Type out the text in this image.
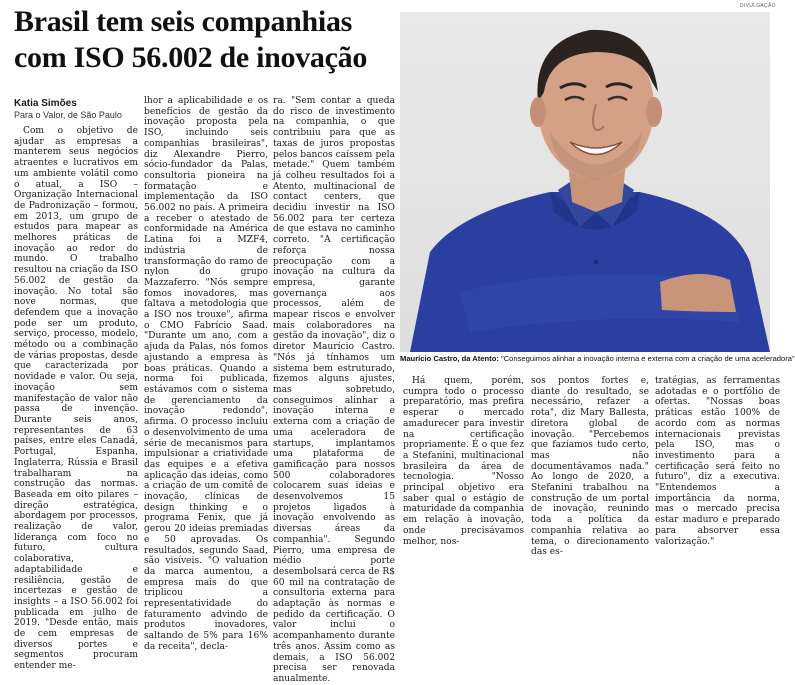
Brasil tem seis companhias com ISO 56.002 de inovação
Katia Simões
Para o Valor, de São Paulo

Com o objetivo de ajudar as empresas a manterem seus negócios atraentes e lucrativos em um ambiente volátil como o atual, a ISO – Organização Internacional de Padronização – formou, em 2013, um grupo de estudos para mapear as melhores práticas de inovação ao redor do mundo. O trabalho resultou na criação da ISO 56.002 de gestão da inovação. No total são nove normas, que defendem que a inovação pode ser um produto, serviço, processo, modelo, método ou a combinação de várias propostas, desde que caracterizada por novidade e valor. Ou seja, inovação sem manifestação de valor não passa de invenção. Durante seis anos, representantes de 63 países, entre eles Canadá, Portugal, Espanha, Inglaterra, Rússia e Brasil trabalharam na construção das normas. Baseada em oito pilares – direção estratégica, abordagem por processos, realização de valor, liderança com foco no futuro, cultura colaborativa, adaptabilidade e resiliência, gestão de incertezas e gestão de insights – a ISO 56.002 foi publicada em julho de 2019. "Desde então, mais de cem empresas de diversos portes e segmentos procuram entender me-

lhor a aplicabilidade e os benefícios de gestão da inovação proposta pela ISO, incluindo seis companhias brasileiras", diz Alexandre Pierro, sócio-fundador da Palas, consultoria pioneira na formatação e implementação da ISO 56.002 no país. A primeira a receber o atestado de conformidade na América Latina foi a MZF4, indústria de transformação do ramo de nylon do grupo Mazzaferro. "Nós sempre fomos inovadores, mas faltava a metodologia que a ISO nos trouxe", afirma o CMO Fabrício Saad. "Durante um ano, com a ajuda da Palas, nós fomos ajustando a empresa às boas práticas. Quando a norma foi publicada, estávamos com o sistema de gerenciamento da inovação redondo", afirma. O processo incluiu o desenvolvimento de uma série de mecanismos para impulsionar a criatividade das equipes e a efetiva aplicação das ideias, como a criação de um comitê de inovação, clínicas de design thinking e o programa Fenix, que já gerou 20 ideias premiadas e 50 aprovadas. Os resultados, segundo Saad, são visíveis. "O valuation da marca aumentou, a empresa mais do que triplicou a representatividade do faturamento advindo de produtos inovadores, saltando de 5% para 16% da receita", decla-

ra. "Sem contar a queda do risco de investimento na companhia, o que contribuiu para que as taxas de juros propostas pelos bancos caíssem pela metade." Quem também já colheu resultados foi a Atento, multinacional de contact centers, que decidiu investir na ISO 56.002 para ter certeza de que estava no caminho correto. "A certificação reforça nossa preocupação com a inovação na cultura da empresa, garante governança aos processos, além de mapear riscos e envolver mais colaboradores na gestão da inovação", diz o diretor Maurício Castro. "Nós já tínhamos um sistema bem estruturado, fizemos alguns ajustes, mas sobretudo, conseguimos alinhar a inovação interna e externa com a criação de uma aceleradora de startups, implantamos uma plataforma de gamificação para nossos 500 colaboradores colocarem suas ideias e desenvolvemos 15 projetos ligados à inovação envolvendo as diversas áreas da companhia". Segundo Pierro, uma empresa de médio porte desembolsará cerca de R$ 60 mil na contratação de consultoria externa para adaptação às normas e pedido da certificação. O valor inclui o acompanhamento durante três anos. Assim como as demais, a ISO 56.002 precisa ser renovada anualmente.

DIVULGAÇÃO
Maurício Castro, da Atento: "Conseguimos alinhar a inovação interna e externa com a criação de uma aceleradora"

Há quem, porém, cumpra todo o processo preparatório, mas prefira esperar o mercado amadurecer para investir na certificação propriamente. É o que fez a Stefanini, multinacional brasileira da área de tecnologia. "Nosso principal objetivo era saber qual o estágio de maturidade da companhia em relação à inovação, onde precisávamos melhor, nos-

sos pontos fortes e, diante do resultado, se necessário, refazer a rota", diz Mary Ballesta, diretora global de inovação. "Percebemos que fazíamos tudo certo, mas não documentávamos nada." Ao longo de 2020, a Stefanini trabalhou na construção de um portal de inovação, reunindo toda a política da companhia relativa ao tema, o direcionamento das es-

tratégias, as ferramentas adotadas e o portfólio de ofertas. "Nossas boas práticas estão 100% de acordo com as normas internacionais previstas pela ISO, mas o investimento para a certificação será feito no futuro", diz a executiva. "Entendemos a importância da norma, mas o mercado precisa estar maduro e preparado para absorver essa valorização."
